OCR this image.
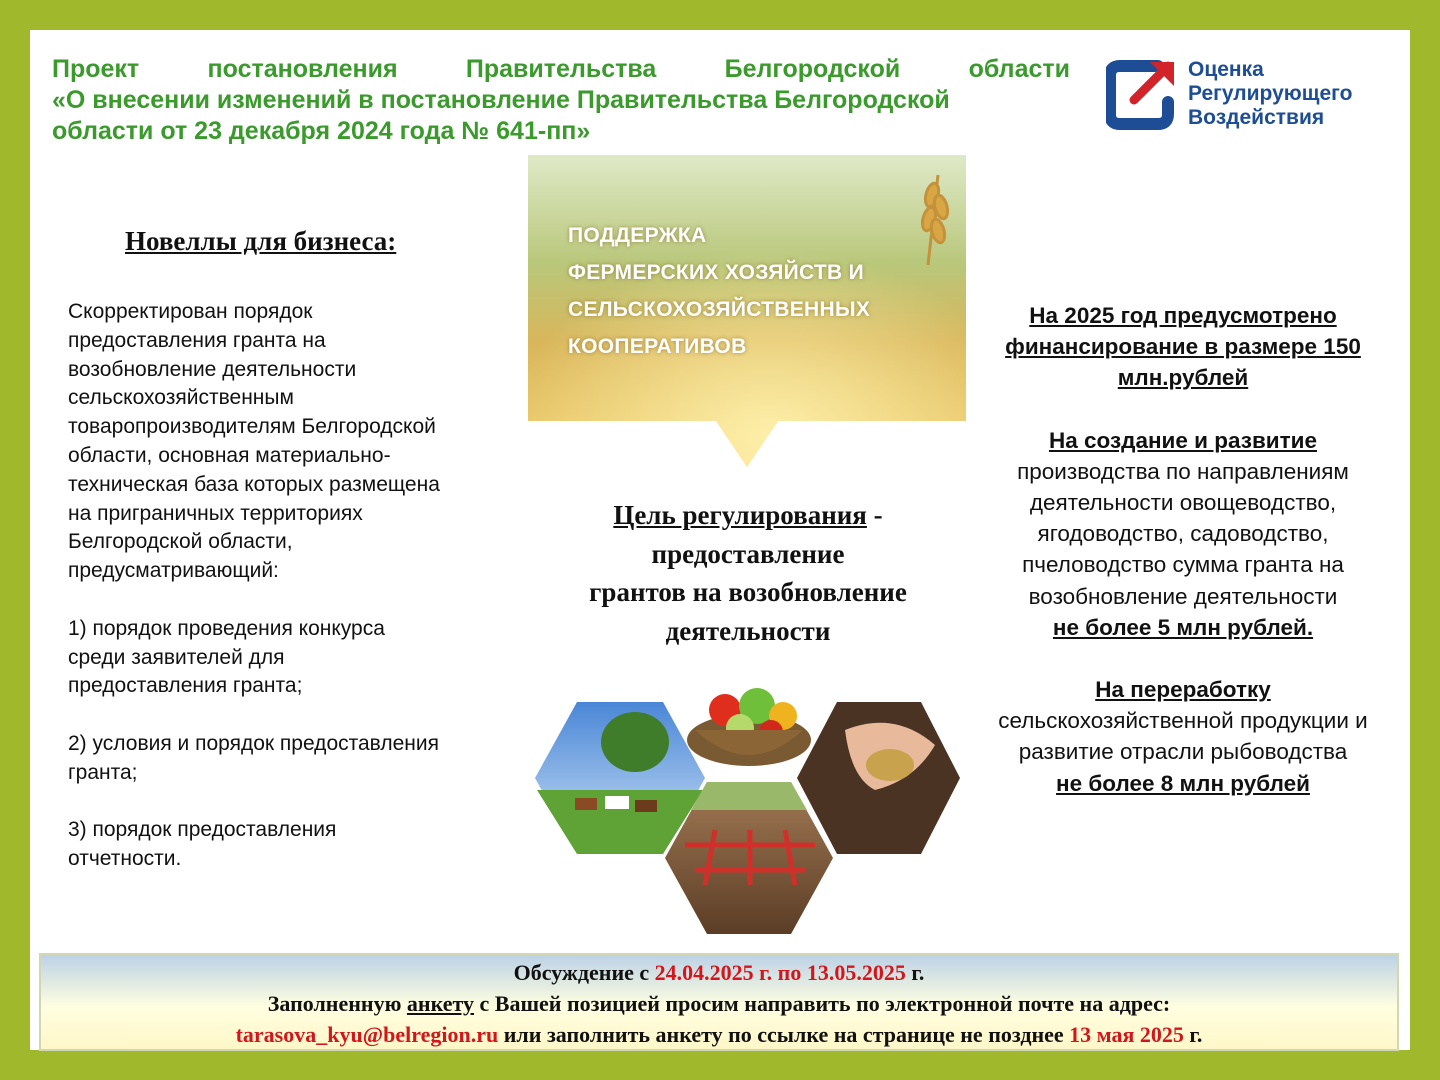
Проект постановления Правительства Белгородской области
«О внесении изменений в постановление Правительства Белгородской
области от 23 декабря 2024 года № 641-пп»
Оценка
Регулирующего
Воздействия
Новеллы для бизнеса:
Скорректирован порядок
предоставления гранта на
возобновление деятельности
сельскохозяйственным
товаропроизводителям Белгородской
области, основная материально-
техническая база которых размещена
на приграничных территориях
Белгородской области,
предусматривающий:

1) порядок проведения конкурса
среди заявителей для
предоставления гранта;

2) условия и порядок предоставления
гранта;

3) порядок предоставления
отчетности.
ПОДДЕРЖКА
ФЕРМЕРСКИХ ХОЗЯЙСТВ И
СЕЛЬСКОХОЗЯЙСТВЕННЫХ
КООПЕРАТИВОВ
Цель регулирования -
предоставление
грантов на возобновление
деятельности
На 2025 год предусмотрено финансирование в размере 150 млн.рублей
На создание и развитие
производства по направлениям деятельности овощеводство, ягодоводство, садоводство, пчеловодство сумма гранта на возобновление деятельности
не более 5 млн рублей.
На переработку
сельскохозяйственной продукции и развитие отрасли рыбоводства
не более 8 млн рублей
Обсуждение с 24.04.2025 г. по 13.05.2025 г.
Заполненную анкету с Вашей позицией просим направить по электронной почте на адрес:
tarasova_kyu@belregion.ru или заполнить анкету по ссылке на странице не позднее 13 мая 2025 г.
